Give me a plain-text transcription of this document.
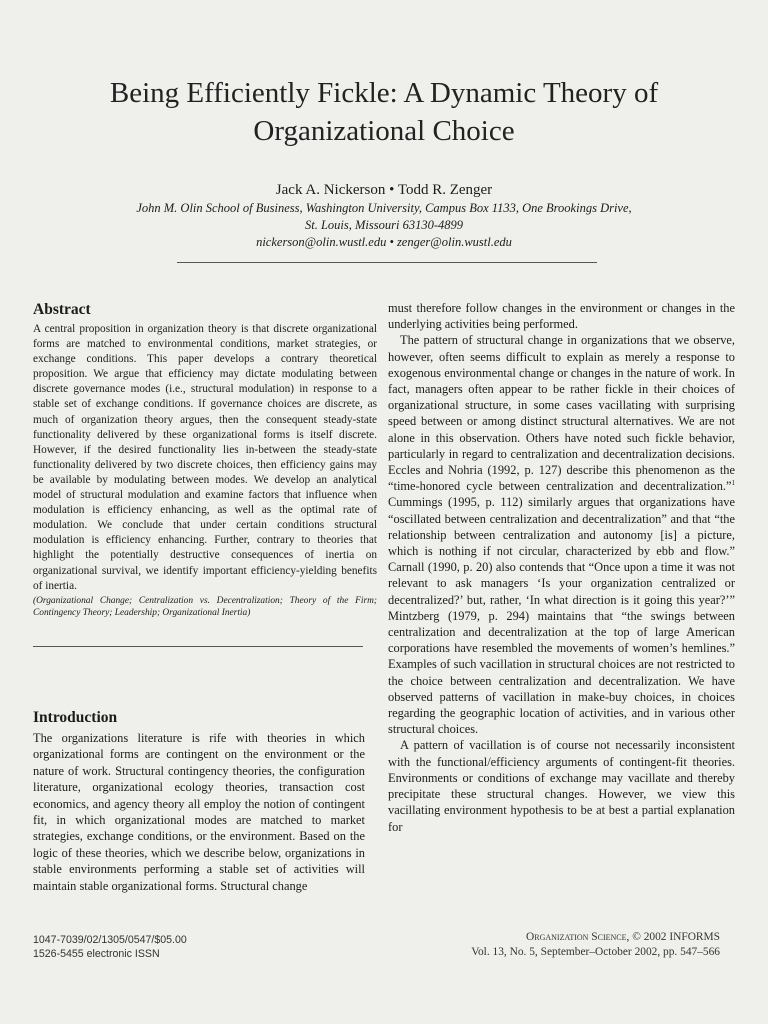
Being Efficiently Fickle: A Dynamic Theory of
Organizational Choice

Jack A. Nickerson • Todd R. Zenger

John M. Olin School of Business, Washington University, Campus Box 1133, One Brookings Drive,
St. Louis, Missouri 63130-4899
nickerson@olin.wustl.edu • zenger@olin.wustl.edu
Abstract

A central proposition in organization theory is that discrete organizational forms are matched to environmental conditions, market strategies, or exchange conditions. This paper develops a contrary theoretical proposition. We argue that efficiency may dictate modulating between discrete governance modes (i.e., structural modulation) in response to a stable set of exchange conditions. If governance choices are discrete, as much of organization theory argues, then the consequent steady-state functionality delivered by these organizational forms is itself discrete. However, if the desired functionality lies in-between the steady-state functionality delivered by two discrete choices, then efficiency gains may be available by modulating between modes. We develop an analytical model of structural modulation and examine factors that influence when modulation is efficiency enhancing, as well as the optimal rate of modulation. We conclude that under certain conditions structural modulation is efficiency enhancing. Further, contrary to theories that highlight the potentially destructive consequences of inertia on organizational survival, we identify important efficiency-yielding benefits of inertia.

(Organizational Change; Centralization vs. Decentralization; Theory of the Firm; Contingency Theory; Leadership; Organizational Inertia)

Introduction

The organizations literature is rife with theories in which organizational forms are contingent on the environment or the nature of work. Structural contingency theories, the configuration literature, organizational ecology theories, transaction cost economics, and agency theory all employ the notion of contingent fit, in which organizational modes are matched to market strategies, exchange conditions, or the environment. Based on the logic of these theories, which we describe below, organizations in stable environments performing a stable set of activities will maintain stable organizational forms. Structural change

must therefore follow changes in the environment or changes in the underlying activities being performed.

The pattern of structural change in organizations that we observe, however, often seems difficult to explain as merely a response to exogenous environmental change or changes in the nature of work. In fact, managers often appear to be rather fickle in their choices of organizational structure, in some cases vacillating with surprising speed between or among distinct structural alternatives. We are not alone in this observation. Others have noted such fickle behavior, particularly in regard to centralization and decentralization decisions. Eccles and Nohria (1992, p. 127) describe this phenomenon as the “time-honored cycle between centralization and decentralization.”$^1$ Cummings (1995, p. 112) similarly argues that organizations have “oscillated between centralization and decentralization” and that “the relationship between centralization and autonomy [is] a picture, which is nothing if not circular, characterized by ebb and flow.” Carnall (1990, p. 20) also contends that “Once upon a time it was not relevant to ask managers ‘Is your organization centralized or decentralized?’ but, rather, ‘In what direction is it going this year?’” Mintzberg (1979, p. 294) maintains that “the swings between centralization and decentralization at the top of large American corporations have resembled the movements of women’s hemlines.” Examples of such vacillation in structural choices are not restricted to the choice between centralization and decentralization. We have observed patterns of vacillation in make-buy choices, in choices regarding the geographic location of activities, and in various other structural choices.

A pattern of vacillation is of course not necessarily inconsistent with the functional/efficiency arguments of contingent-fit theories. Environments or conditions of exchange may vacillate and thereby precipitate these structural changes. However, we view this vacillating environment hypothesis to be at best a partial explanation for

1047-7039/02/1305/0547/$05.00
1526-5455 electronic ISSN
Organization Science, © 2002 INFORMS
Vol. 13, No. 5, September–October 2002, pp. 547–566
